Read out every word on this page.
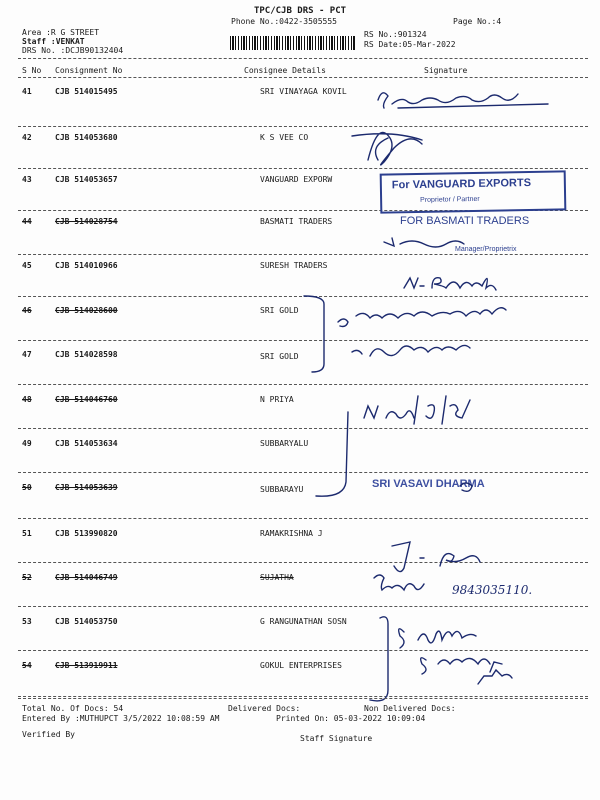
TPC/CJB DRS - PCT
Phone No.:0422-3505555	Page No.:4
Area :R G STREET
Staff :VENKAT
DRS No. :DCJB90132404
RS No.:901324
RS Date:05-Mar-2022
S No Consignment No	Consignee Details	Signature
41	CJB 514015495	SRI VINAYAGA KOVIL
42	CJB 514053680	K S VEE CO
43	CJB 514053657	VANGUARD EXPORW
44	CJB 514028754	BASMATI TRADERS
45	CJB 514010966	SURESH TRADERS
46	CJB 514028600	SRI GOLD
47	CJB 514028598	SRI GOLD
48	CJB 514046760	N PRIYA
49	CJB 514053634	SUBBARYALU
50	CJB 514053639	SUBBARAYU
51	CJB 513990820	RAMAKRISHNA J
52	CJB 514046749	SUJATHA
53	CJB 514053750	G RANGUNATHAN SOSN
54	CJB 513919911	GOKUL ENTERPRISES
For VANGUARD EXPORTS
Proprietor / Partner
FOR BASMATI TRADERS
Manager/Proprietrix
SRI VASAVI DHARMA
9843035110.
Total No. Of Docs: 54	Delivered Docs:	Non Delivered Docs:
Entered By :MUTHUPCT 3/5/2022 10:08:59 AM	Printed On: 05-03-2022 10:09:04
Verified By	Staff Signature
